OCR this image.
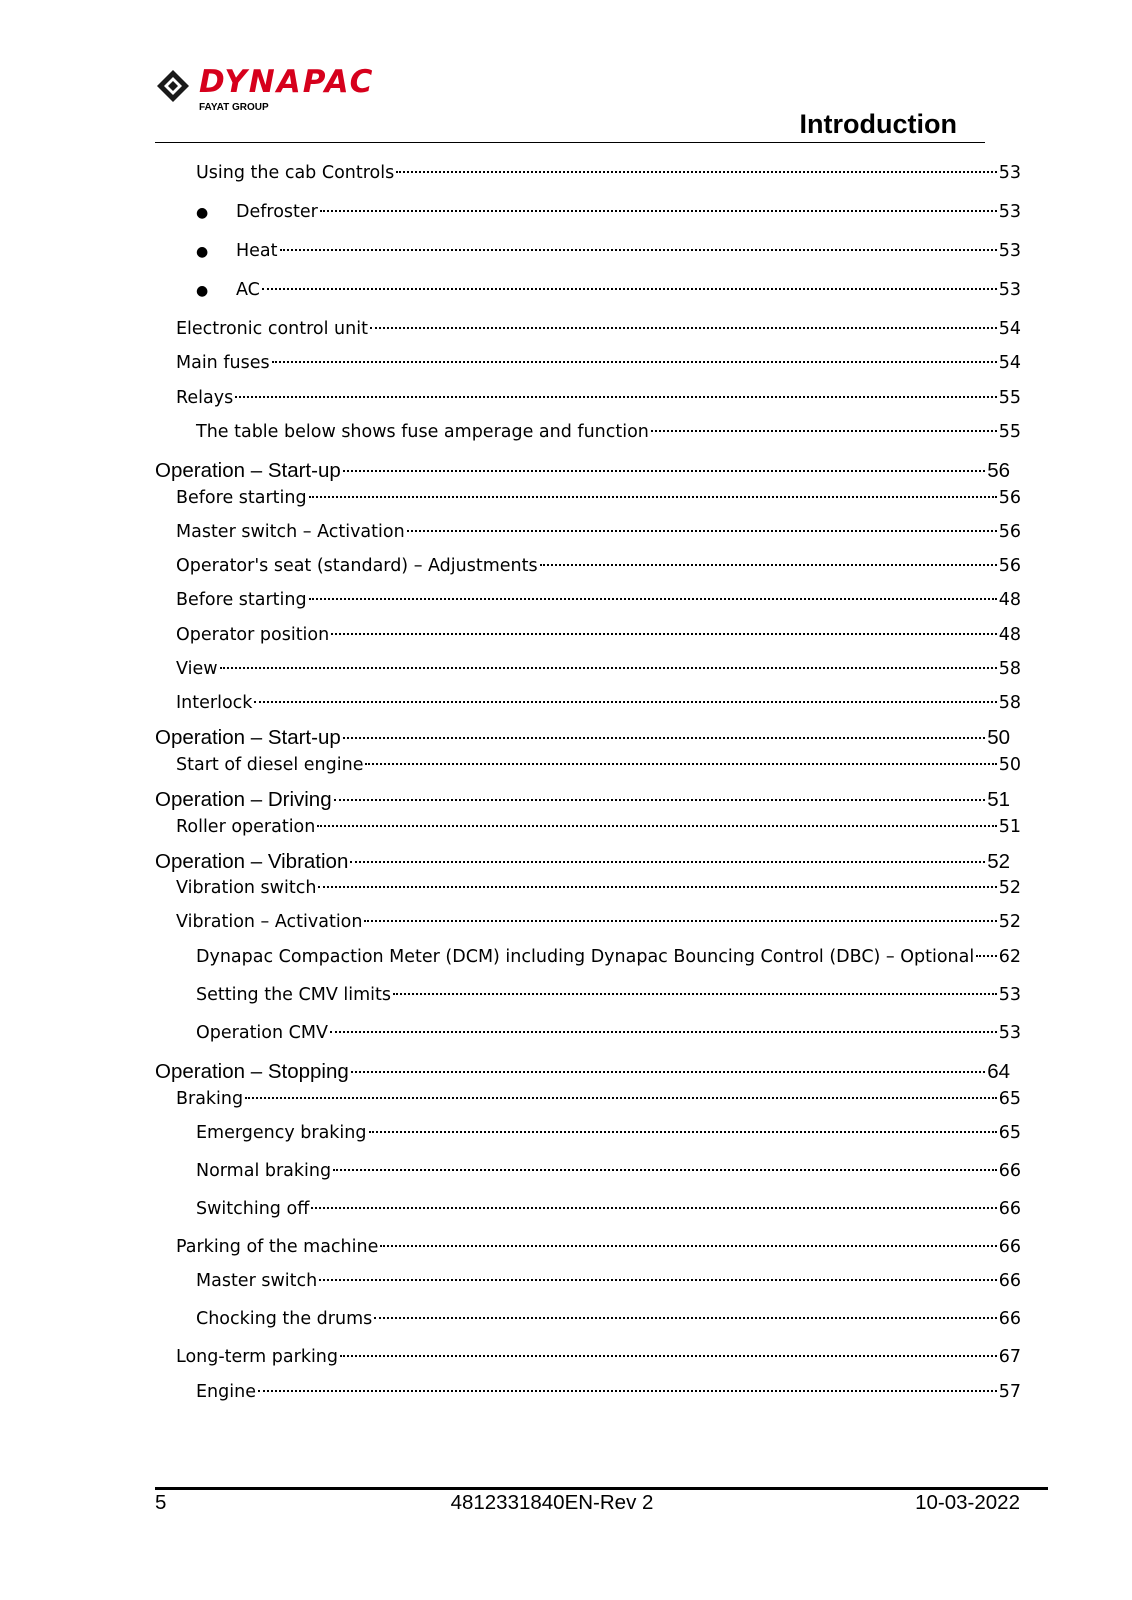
DYNAPAC
FAYAT GROUP
Introduction
Using the cab Controls	53
●	Defroster	53
●	Heat	53
●	AC	53
Electronic control unit	54
Main fuses	54
Relays	55
The table below shows fuse amperage and function	55
Operation – Start-up	56
Before starting	56
Master switch – Activation	56
Operator's seat (standard) – Adjustments	56
Before starting	48
Operator position	48
View	58
Interlock	58
Operation – Start-up	50
Start of diesel engine	50
Operation – Driving	51
Roller operation	51
Operation – Vibration	52
Vibration switch	52
Vibration – Activation	52
Dynapac Compaction Meter (DCM) including Dynapac Bouncing Control (DBC) – Optional 62
Setting the CMV limits	53
Operation CMV	53
Operation – Stopping	64
Braking	65
Emergency braking	65
Normal braking	66
Switching off	66
Parking of the machine	66
Master switch	66
Chocking the drums	66
Long-term parking	67
Engine	57
5	4812331840EN-Rev 2	10-03-2022
